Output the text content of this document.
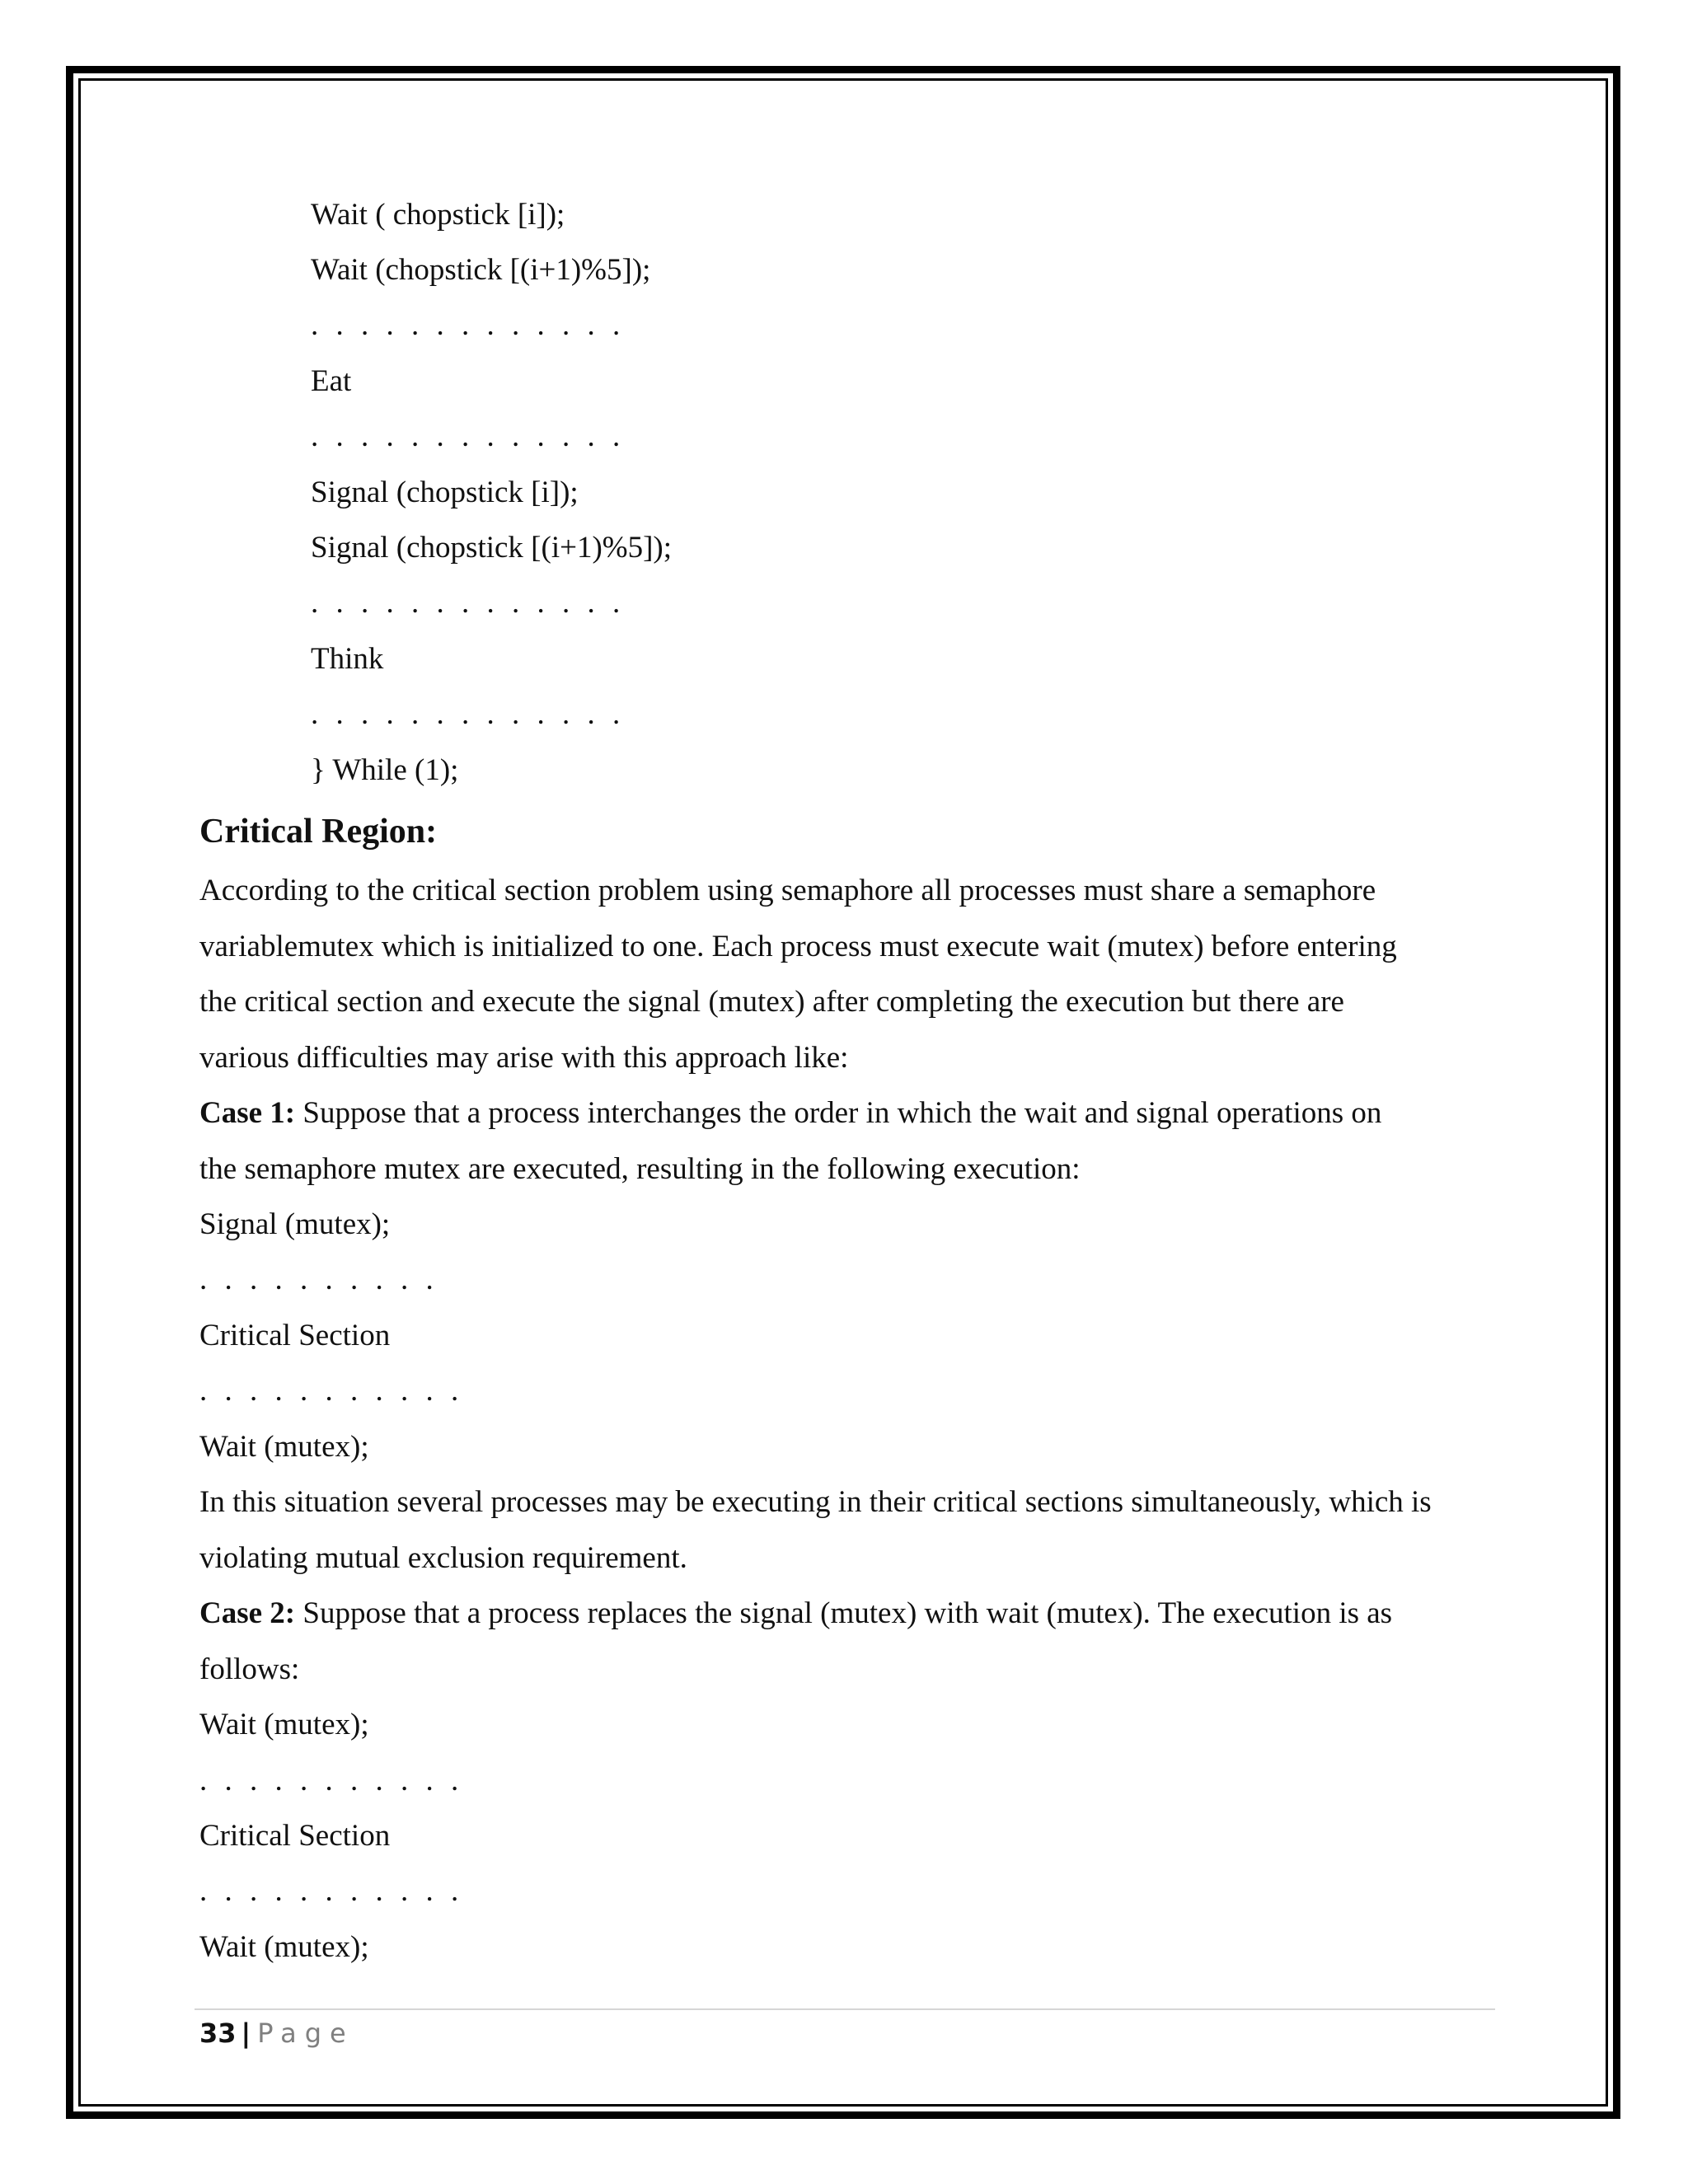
Wait ( chopstick [i]);
Wait (chopstick [(i+1)%5]);
. . . . . . . . . . . . .
Eat
. . . . . . . . . . . . .
Signal (chopstick [i]);
Signal (chopstick [(i+1)%5]);
. . . . . . . . . . . . .
Think
. . . . . . . . . . . . .
} While (1);
Critical Region:
According to the critical section problem using semaphore all processes must share a semaphore
variablemutex which is initialized to one. Each process must execute wait (mutex) before entering
the critical section and execute the signal (mutex) after completing the execution but there are
various difficulties may arise with this approach like:
Case 1: Suppose that a process interchanges the order in which the wait and signal operations on
the semaphore mutex are executed, resulting in the following execution:
Signal (mutex);
. . . . . . . . . .
Critical Section
. . . . . . . . . . .
Wait (mutex);
In this situation several processes may be executing in their critical sections simultaneously, which is
violating mutual exclusion requirement.
Case 2: Suppose that a process replaces the signal (mutex) with wait (mutex). The execution is as
follows:
Wait (mutex);
. . . . . . . . . . .
Critical Section
. . . . . . . . . . .
Wait (mutex);
33 | Page
